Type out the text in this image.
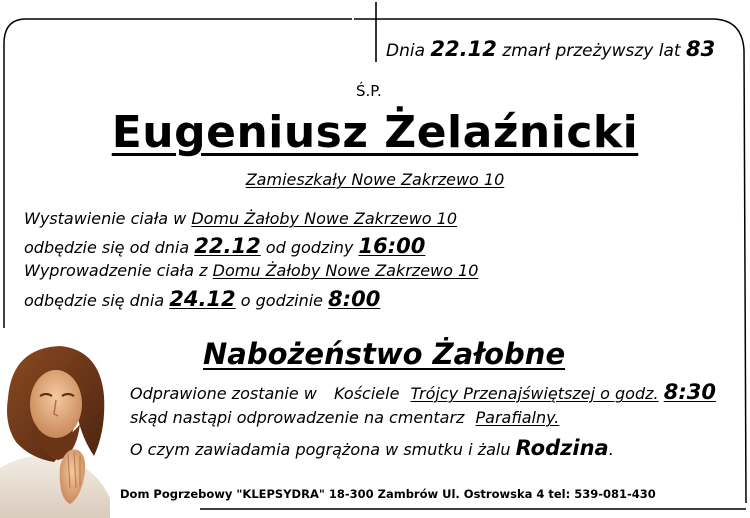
Dnia 22.12 zmarł przeżywszy lat 83
Ś.P.
Eugeniusz Żelaźnicki
Zamieszkały Nowe Zakrzewo 10
Wystawienie ciała w Domu Żałoby Nowe Zakrzewo 10
odbędzie się od dnia 22.12 od godziny 16:00
Wyprowadzenie ciała z Domu Żałoby Nowe Zakrzewo 10
odbędzie się dnia 24.12 o godzinie 8:00
Nabożeństwo Żałobne
Odprawione zostanie w Kościele Trójcy Przenajświętszej o godz. 8:30
skąd nastąpi odprowadzenie na cmentarz Parafialny.
O czym zawiadamia pogrążona w smutku i żalu Rodzina.
Dom Pogrzebowy "KLEPSYDRA" 18-300 Zambrów Ul. Ostrowska 4 tel: 539-081-430
